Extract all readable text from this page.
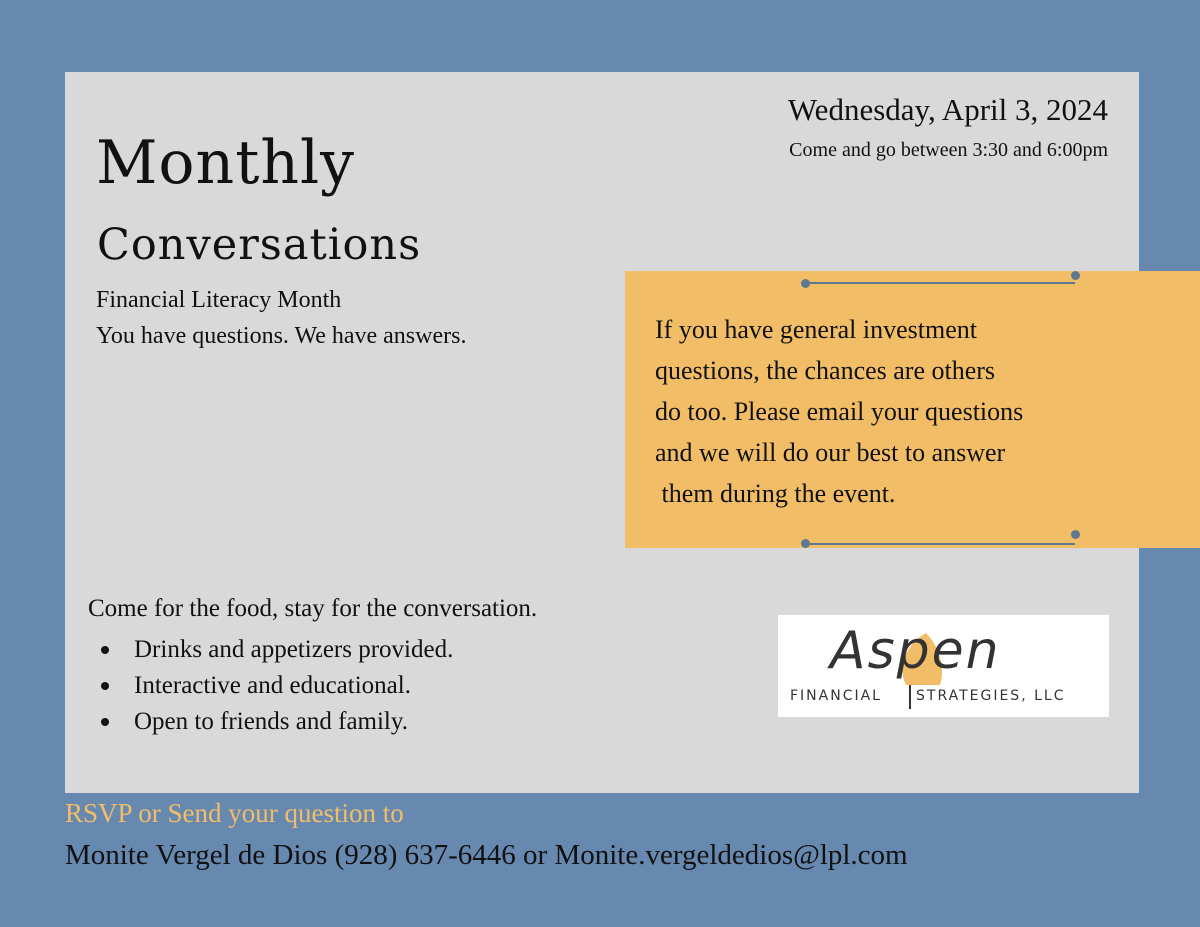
Monthly
Conversations
Financial Literacy Month
You have questions. We have answers.
Wednesday, April 3, 2024
Come and go between 3:30 and 6:00pm
If you have general investment
questions, the chances are others
do too. Please email your questions
and we will do our best to answer
them during the event.
Come for the food, stay for the conversation.
Drinks and appetizers provided.
Interactive and educational.
Open to friends and family.
Aspen
FINANCIAL STRATEGIES, LLC
RSVP or Send your question to
Monite Vergel de Dios (928) 637-6446 or Monite.vergeldedios@lpl.com
